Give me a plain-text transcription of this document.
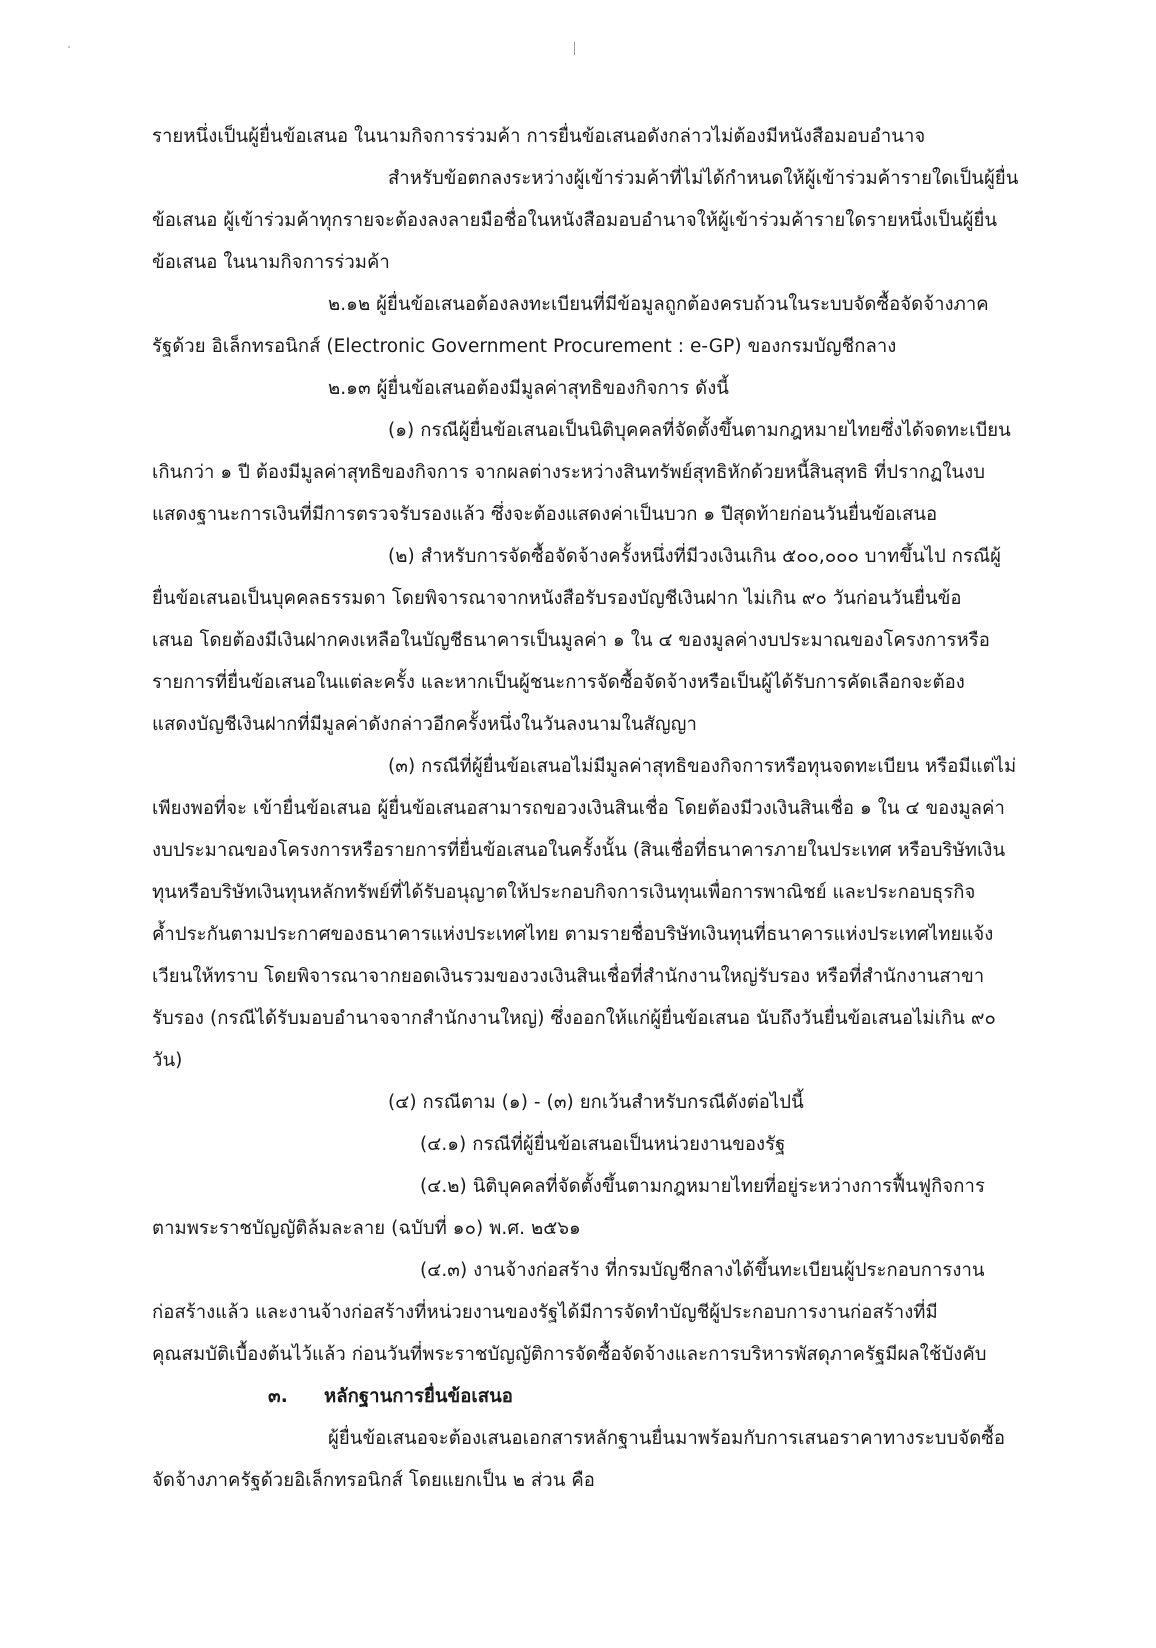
รายหนึ่งเป็นผู้ยื่นข้อเสนอ ในนามกิจการร่วมค้า การยื่นข้อเสนอดังกล่าวไม่ต้องมีหนังสือมอบอำนาจ
สำหรับข้อตกลงระหว่างผู้เข้าร่วมค้าที่ไม่ได้กำหนดให้ผู้เข้าร่วมค้ารายใดเป็นผู้ยื่น
ข้อเสนอ ผู้เข้าร่วมค้าทุกรายจะต้องลงลายมือชื่อในหนังสือมอบอำนาจให้ผู้เข้าร่วมค้ารายใดรายหนึ่งเป็นผู้ยื่น
ข้อเสนอ ในนามกิจการร่วมค้า
๒.๑๒ ผู้ยื่นข้อเสนอต้องลงทะเบียนที่มีข้อมูลถูกต้องครบถ้วนในระบบจัดซื้อจัดจ้างภาค
รัฐด้วย อิเล็กทรอนิกส์ (Electronic Government Procurement : e-GP) ของกรมบัญชีกลาง
๒.๑๓ ผู้ยื่นข้อเสนอต้องมีมูลค่าสุทธิของกิจการ ดังนี้
(๑) กรณีผู้ยื่นข้อเสนอเป็นนิติบุคคลที่จัดตั้งขึ้นตามกฎหมายไทยซึ่งได้จดทะเบียน
เกินกว่า ๑ ปี ต้องมีมูลค่าสุทธิของกิจการ จากผลต่างระหว่างสินทรัพย์สุทธิหักด้วยหนี้สินสุทธิ ที่ปรากฏในงบ
แสดงฐานะการเงินที่มีการตรวจรับรองแล้ว ซึ่งจะต้องแสดงค่าเป็นบวก ๑ ปีสุดท้ายก่อนวันยื่นข้อเสนอ
(๒) สำหรับการจัดซื้อจัดจ้างครั้งหนึ่งที่มีวงเงินเกิน ๕๐๐,๐๐๐ บาทขึ้นไป กรณีผู้
ยื่นข้อเสนอเป็นบุคคลธรรมดา โดยพิจารณาจากหนังสือรับรองบัญชีเงินฝาก ไม่เกิน ๙๐ วันก่อนวันยื่นข้อ
เสนอ โดยต้องมีเงินฝากคงเหลือในบัญชีธนาคารเป็นมูลค่า ๑ ใน ๔ ของมูลค่างบประมาณของโครงการหรือ
รายการที่ยื่นข้อเสนอในแต่ละครั้ง และหากเป็นผู้ชนะการจัดซื้อจัดจ้างหรือเป็นผู้ได้รับการคัดเลือกจะต้อง
แสดงบัญชีเงินฝากที่มีมูลค่าดังกล่าวอีกครั้งหนึ่งในวันลงนามในสัญญา
(๓) กรณีที่ผู้ยื่นข้อเสนอไม่มีมูลค่าสุทธิของกิจการหรือทุนจดทะเบียน หรือมีแต่ไม่
เพียงพอที่จะ เข้ายื่นข้อเสนอ ผู้ยื่นข้อเสนอสามารถขอวงเงินสินเชื่อ โดยต้องมีวงเงินสินเชื่อ ๑ ใน ๔ ของมูลค่า
งบประมาณของโครงการหรือรายการที่ยื่นข้อเสนอในครั้งนั้น (สินเชื่อที่ธนาคารภายในประเทศ หรือบริษัทเงิน
ทุนหรือบริษัทเงินทุนหลักทรัพย์ที่ได้รับอนุญาตให้ประกอบกิจการเงินทุนเพื่อการพาณิชย์ และประกอบธุรกิจ
ค้ำประกันตามประกาศของธนาคารแห่งประเทศไทย ตามรายชื่อบริษัทเงินทุนที่ธนาคารแห่งประเทศไทยแจ้ง
เวียนให้ทราบ โดยพิจารณาจากยอดเงินรวมของวงเงินสินเชื่อที่สำนักงานใหญ่รับรอง หรือที่สำนักงานสาขา
รับรอง (กรณีได้รับมอบอำนาจจากสำนักงานใหญ่) ซึ่งออกให้แก่ผู้ยื่นข้อเสนอ นับถึงวันยื่นข้อเสนอไม่เกิน ๙๐
วัน)
(๔) กรณีตาม (๑) - (๓) ยกเว้นสำหรับกรณีดังต่อไปนี้
(๔.๑) กรณีที่ผู้ยื่นข้อเสนอเป็นหน่วยงานของรัฐ
(๔.๒) นิติบุคคลที่จัดตั้งขึ้นตามกฎหมายไทยที่อยู่ระหว่างการฟื้นฟูกิจการ
ตามพระราชบัญญัติล้มละลาย (ฉบับที่ ๑๐) พ.ศ. ๒๕๖๑
(๔.๓) งานจ้างก่อสร้าง ที่กรมบัญชีกลางได้ขึ้นทะเบียนผู้ประกอบการงาน
ก่อสร้างแล้ว และงานจ้างก่อสร้างที่หน่วยงานของรัฐได้มีการจัดทำบัญชีผู้ประกอบการงานก่อสร้างที่มี
คุณสมบัติเบื้องต้นไว้แล้ว ก่อนวันที่พระราชบัญญัติการจัดซื้อจัดจ้างและการบริหารพัสดุภาครัฐมีผลใช้บังคับ
๓. หลักฐานการยื่นข้อเสนอ
ผู้ยื่นข้อเสนอจะต้องเสนอเอกสารหลักฐานยื่นมาพร้อมกับการเสนอราคาทางระบบจัดซื้อ
จัดจ้างภาครัฐด้วยอิเล็กทรอนิกส์ โดยแยกเป็น ๒ ส่วน คือ
